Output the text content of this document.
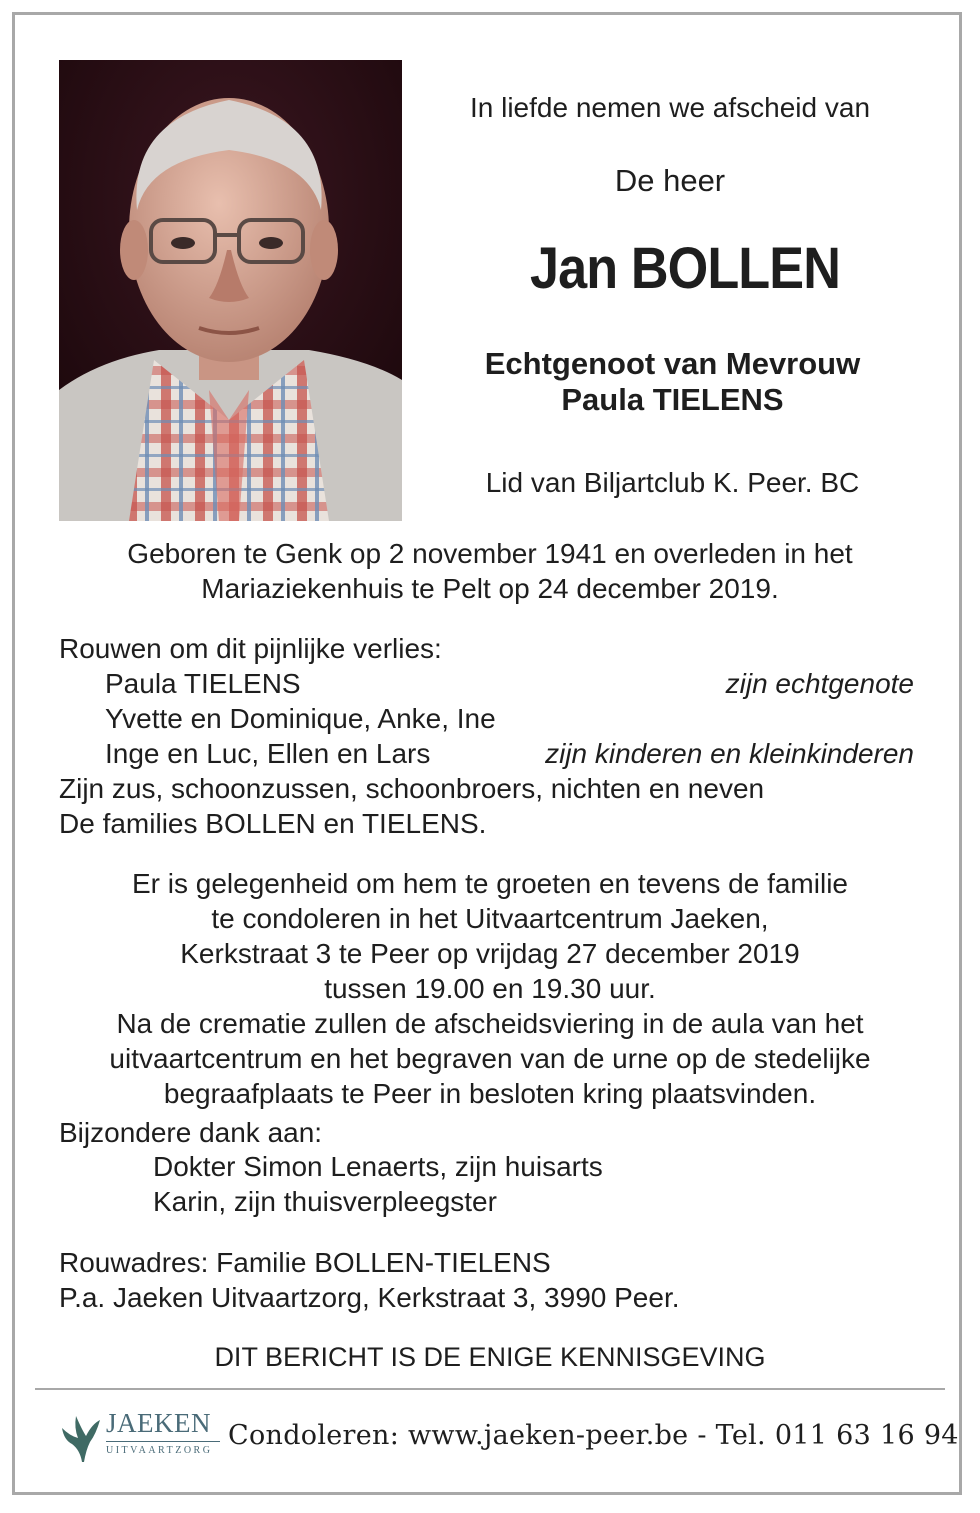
In liefde nemen we afscheid van
De heer
Jan BOLLEN
Echtgenoot van Mevrouw
Paula TIELENS
Lid van Biljartclub K. Peer. BC
Geboren te Genk op 2 november 1941 en overleden in het
Mariaziekenhuis te Pelt op 24 december 2019.
Rouwen om dit pijnlijke verlies:
Paula TIELENS	zijn echtgenote
Yvette en Dominique, Anke, Ine
Inge en Luc, Ellen en Lars	zijn kinderen en kleinkinderen
Zijn zus, schoonzussen, schoonbroers, nichten en neven
De families BOLLEN en TIELENS.
Er is gelegenheid om hem te groeten en tevens de familie
te condoleren in het Uitvaartcentrum Jaeken,
Kerkstraat 3 te Peer op vrijdag 27 december 2019
tussen 19.00 en 19.30 uur.
Na de crematie zullen de afscheidsviering in de aula van het
uitvaartcentrum en het begraven van de urne op de stedelijke
begraafplaats te Peer in besloten kring plaatsvinden.
Bijzondere dank aan:
Dokter Simon Lenaerts, zijn huisarts
Karin, zijn thuisverpleegster
Rouwadres: Familie BOLLEN-TIELENS
P.a. Jaeken Uitvaartzorg, Kerkstraat 3, 3990 Peer.
DIT BERICHT IS DE ENIGE KENNISGEVING
JAEKEN
UITVAARTZORG Condoleren: www.jaeken-peer.be - Tel. 011 63 16 94
